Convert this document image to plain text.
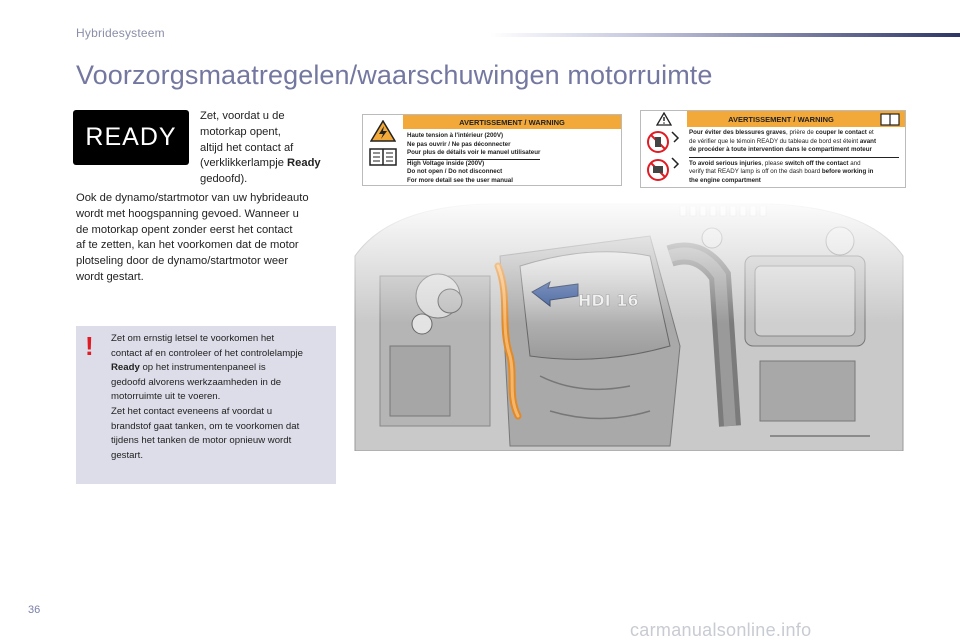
Hybridesysteem
Voorzorgsmaatregelen/waarschuwingen motorruimte
READY
Zet, voordat u de
motorkap opent,
altijd het contact af
(verklikkerlampje Ready
gedoofd).
Ook de dynamo/startmotor van uw hybrideauto
wordt met hoogspanning gevoed. Wanneer u
de motorkap opent zonder eerst het contact
af te zetten, kan het voorkomen dat de motor
plotseling door de dynamo/startmotor weer
wordt gestart.
! Zet om ernstig letsel te voorkomen het
contact af en controleer of het controlelampje
Ready op het instrumentenpaneel is
gedoofd alvorens werkzaamheden in de
motorruimte uit te voeren.
Zet het contact eveneens af voordat u
brandstof gaat tanken, om te voorkomen dat
tijdens het tanken de motor opnieuw wordt
gestart.
AVERTISSEMENT / WARNING
Haute tension à l'intérieur (200V)
Ne pas ouvrir / Ne pas déconnecter
Pour plus de détails voir le manuel utilisateur
High Voltage inside (200V)
Do not open / Do not disconnect
For more detail see the user manual
AVERTISSEMENT / WARNING
Pour éviter des blessures graves, prière de couper le contact et
de vérifier que le témoin READY du tableau de bord est éteint avant
de procéder à toute intervention dans le compartiment moteur
To avoid serious injuries, please switch off the contact and
verify that READY lamp is off on the dash board before working in
the engine compartment
36
carmanualsonline.info
